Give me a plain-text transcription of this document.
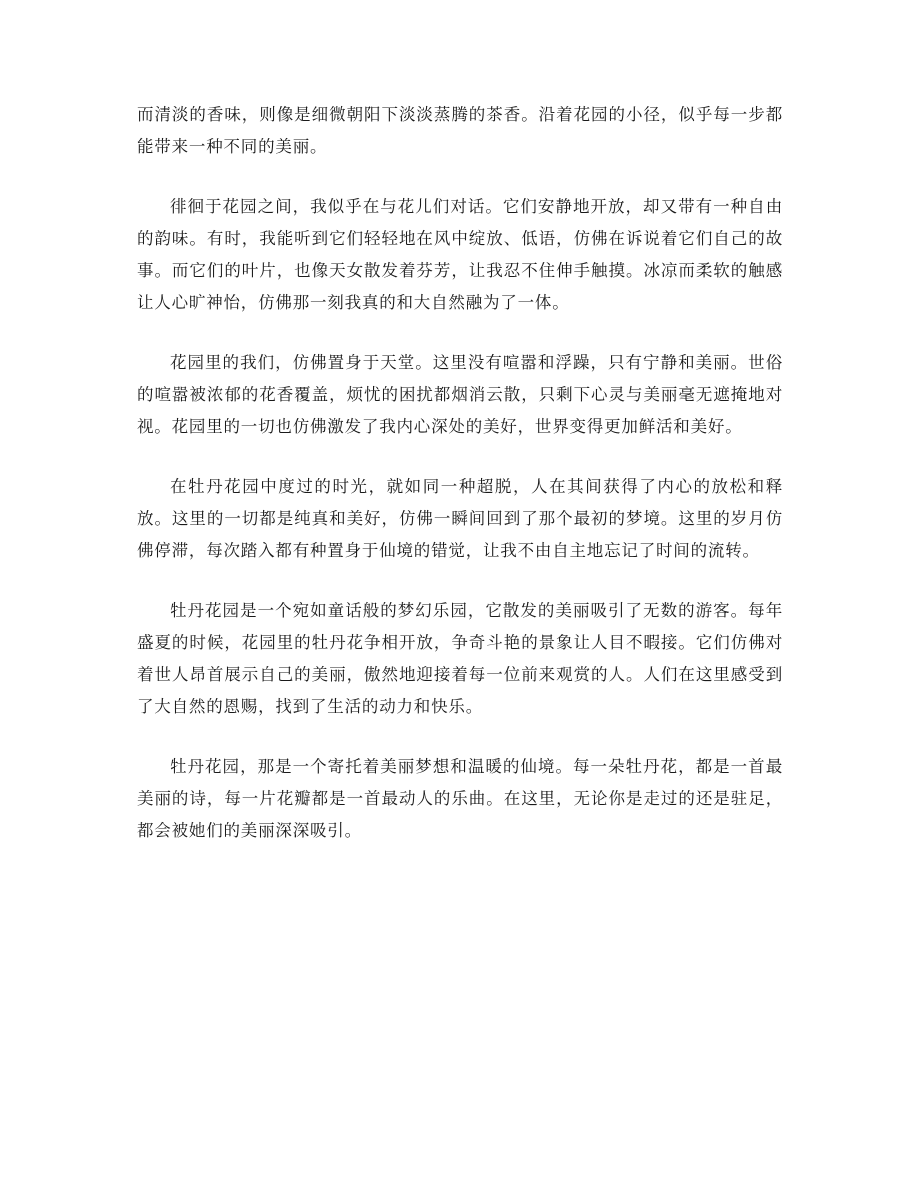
而清淡的香味，则像是细微朝阳下淡淡蒸腾的茶香。沿着花园的小径，似乎每一步都能带来一种不同的美丽。

徘徊于花园之间，我似乎在与花儿们对话。它们安静地开放，却又带有一种自由的韵味。有时，我能听到它们轻轻地在风中绽放、低语，仿佛在诉说着它们自己的故事。而它们的叶片，也像天女散发着芬芳，让我忍不住伸手触摸。冰凉而柔软的触感让人心旷神怡，仿佛那一刻我真的和大自然融为了一体。

花园里的我们，仿佛置身于天堂。这里没有喧嚣和浮躁，只有宁静和美丽。世俗的喧嚣被浓郁的花香覆盖，烦忧的困扰都烟消云散，只剩下心灵与美丽毫无遮掩地对视。花园里的一切也仿佛激发了我内心深处的美好，世界变得更加鲜活和美好。

在牡丹花园中度过的时光，就如同一种超脱，人在其间获得了内心的放松和释放。这里的一切都是纯真和美好，仿佛一瞬间回到了那个最初的梦境。这里的岁月仿佛停滞，每次踏入都有种置身于仙境的错觉，让我不由自主地忘记了时间的流转。

牡丹花园是一个宛如童话般的梦幻乐园，它散发的美丽吸引了无数的游客。每年盛夏的时候，花园里的牡丹花争相开放，争奇斗艳的景象让人目不暇接。它们仿佛对着世人昂首展示自己的美丽，傲然地迎接着每一位前来观赏的人。人们在这里感受到了大自然的恩赐，找到了生活的动力和快乐。

牡丹花园，那是一个寄托着美丽梦想和温暖的仙境。每一朵牡丹花，都是一首最美丽的诗，每一片花瓣都是一首最动人的乐曲。在这里，无论你是走过的还是驻足，都会被她们的美丽深深吸引。
